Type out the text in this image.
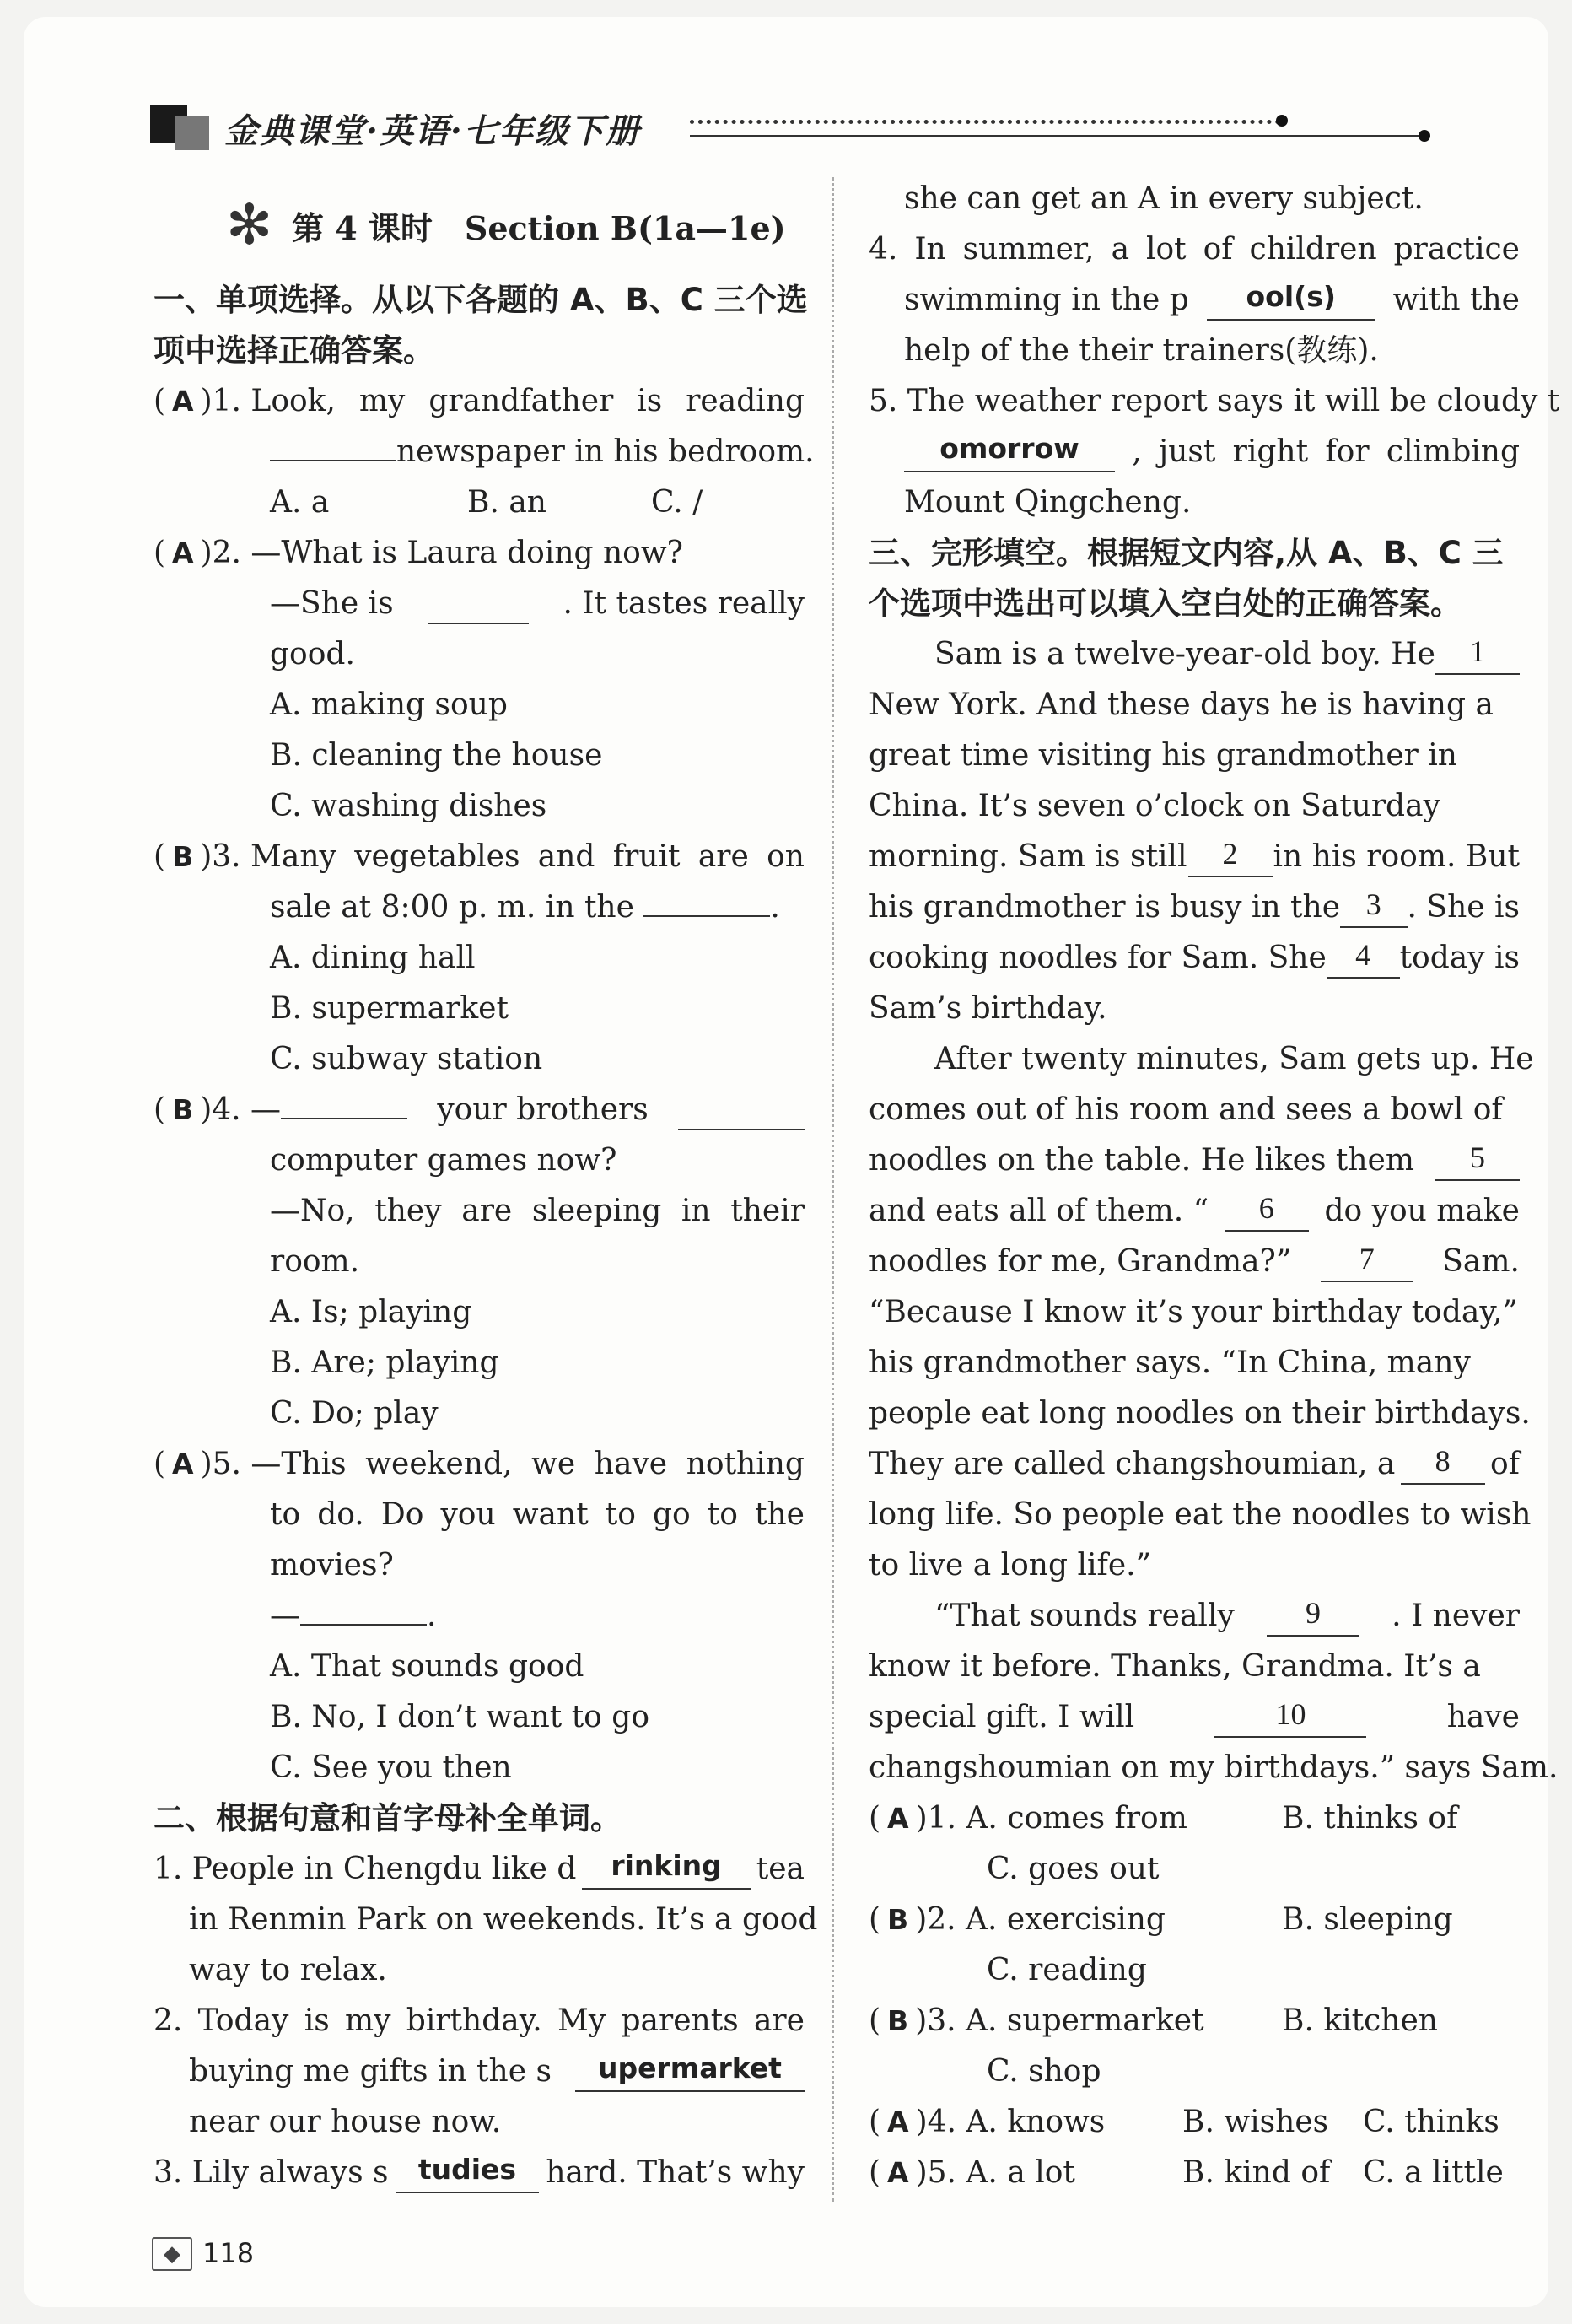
金典课堂·英语·七年级下册
✻ 第 4 课时　Section B(1a—1e)
一、单项选择。从以下各题的 A、B、C 三个选
项中选择正确答案。
( A )1. Look, my grandfather is reading
newspaper in his bedroom.
A. a	B. an	C. /
( A )2. —What is Laura doing now?
—She is	. It tastes really
good.
A. making soup
B. cleaning the house
C. washing dishes
( B )3. Many vegetables and fruit are on
sale at 8:00 p. m. in the	.
A. dining hall
B. supermarket
C. subway station
( B )4. —	your brothers
computer games now?
—No, they are sleeping in their
room.
A. Is; playing
B. Are; playing
C. Do; play
( A )5. —This weekend, we have nothing
to do. Do you want to go to the
movies?
—	.
A. That sounds good
B. No, I don’t want to go
C. See you then
二、根据句意和首字母补全单词。
1. People in Chengdu like d	rinking	tea
in Renmin Park on weekends. It’s a good
way to relax.
2. Today is my birthday. My parents are
buying me gifts in the s	upermarket
near our house now.
3. Lily always s	tudies hard. That’s why
she can get an A in every subject.
4. In summer, a lot of children practice
swimming in the p	ool(s)	with the
help of the their trainers(教练).
5. The weather report says it will be cloudy t
omorrow	, just right for climbing
Mount Qingcheng.
三、完形填空。根据短文内容,从 A、B、C 三
个选项中选出可以填入空白处的正确答案。
Sam is a twelve-year-old boy. He	1
New York. And these days he is having a
great time visiting his grandmother in
China. It’s seven o’clock on Saturday
morning. Sam is still	2	in his room. But
his grandmother is busy in the 3 . She is
cooking noodles for Sam. She 4 today is
Sam’s birthday.
After twenty minutes, Sam gets up. He
comes out of his room and sees a bowl of
noodles on the table. He likes them	5
and eats all of them. “	6	do you make
noodles for me, Grandma?”	7	Sam.
“Because I know it’s your birthday today,”
his grandmother says. “In China, many
people eat long noodles on their birthdays.
They are called changshoumian, a	8	of
long life. So people eat the noodles to wish
to live a long life.”
“That sounds really	9	. I never
know it before. Thanks, Grandma. It’s a
special gift. I will	10	have
changshoumian on my birthdays.” says Sam.
( A )1. A. comes from	B. thinks of
C. goes out
( B )2. A. exercising	B. sleeping
C. reading
( B )3. A. supermarket	B. kitchen
C. shop
( A )4. A. knows	B. wishes C. thinks
( A )5. A. a lot	B. kind of C. a little
◆ 118
